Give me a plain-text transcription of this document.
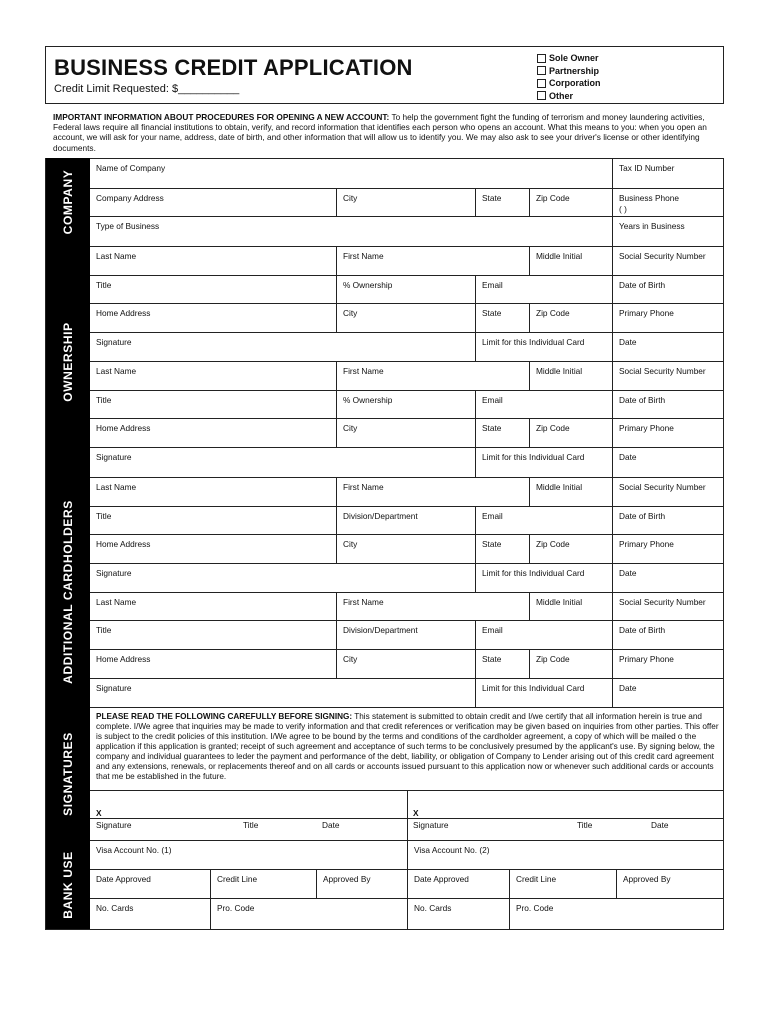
BUSINESS CREDIT APPLICATION
Credit Limit Requested: $__________
Sole Owner
Partnership
Corporation
Other
IMPORTANT INFORMATION ABOUT PROCEDURES FOR OPENING A NEW ACCOUNT: To help the government fight the funding of terrorism and money laundering activities, Federal laws require all financial institutions to obtain, verify, and record information that identifies each person who opens an account. What this means to you: when you open an account, we will ask for your name, address, date of birth, and other information that will allow us to identify you. We may also ask to see your driver's license or other identifying documents.
COMPANY
Name of Company	Tax ID Number
Company Address	City	State	Zip Code	Business Phone
( )
Type of Business	Years in Business
OWNERSHIP
Last Name	First Name	Middle Initial	Social Security Number
Title	% Ownership	Email	Date of Birth
Home Address	City	State	Zip Code	Primary Phone
Signature	Limit for this Individual Card	Date
Last Name	First Name	Middle Initial	Social Security Number
Title	% Ownership	Email	Date of Birth
Home Address	City	State	Zip Code	Primary Phone
Signature	Limit for this Individual Card	Date
ADDITIONAL CARDHOLDERS
Last Name	First Name	Middle Initial	Social Security Number
Title	Division/Department	Email	Date of Birth
Home Address	City	State	Zip Code	Primary Phone
Signature	Limit for this Individual Card	Date
Last Name	First Name	Middle Initial	Social Security Number
Title	Division/Department	Email	Date of Birth
Home Address	City	State	Zip Code	Primary Phone
Signature	Limit for this Individual Card	Date
SIGNATURES
PLEASE READ THE FOLLOWING CAREFULLY BEFORE SIGNING: This statement is submitted to obtain credit and I/we certify that all information herein is true and complete. I/We agree that inquiries may be made to verify information and that credit references or verification may be given based on inquiries from other parties. This offer is subject to the credit policies of this institution. I/We agree to be bound by the terms and conditions of the cardholder agreement, a copy of which will be mailed o the application if this application is granted; receipt of such agreement and acceptance of such terms to be conclusively presumed by the applicant's use. By signing below, the company and individual guarantees to leder the payment and performance of the debt, liability, or obligation of Company to Lender arising out of this credit card agreement and any extensions, renewals, or replacements thereof and on all cards or accounts issued pursuant to this application now or whenever such additional cards or accounts that me be established in the future.
X
Signature	Title	Date
X
Signature	Title	Date
BANK USE
Visa Account No. (1)	Visa Account No. (2)
Date Approved	Credit Line	Approved By	Date Approved	Credit Line	Approved By
No. Cards	Pro. Code	No. Cards	Pro. Code
